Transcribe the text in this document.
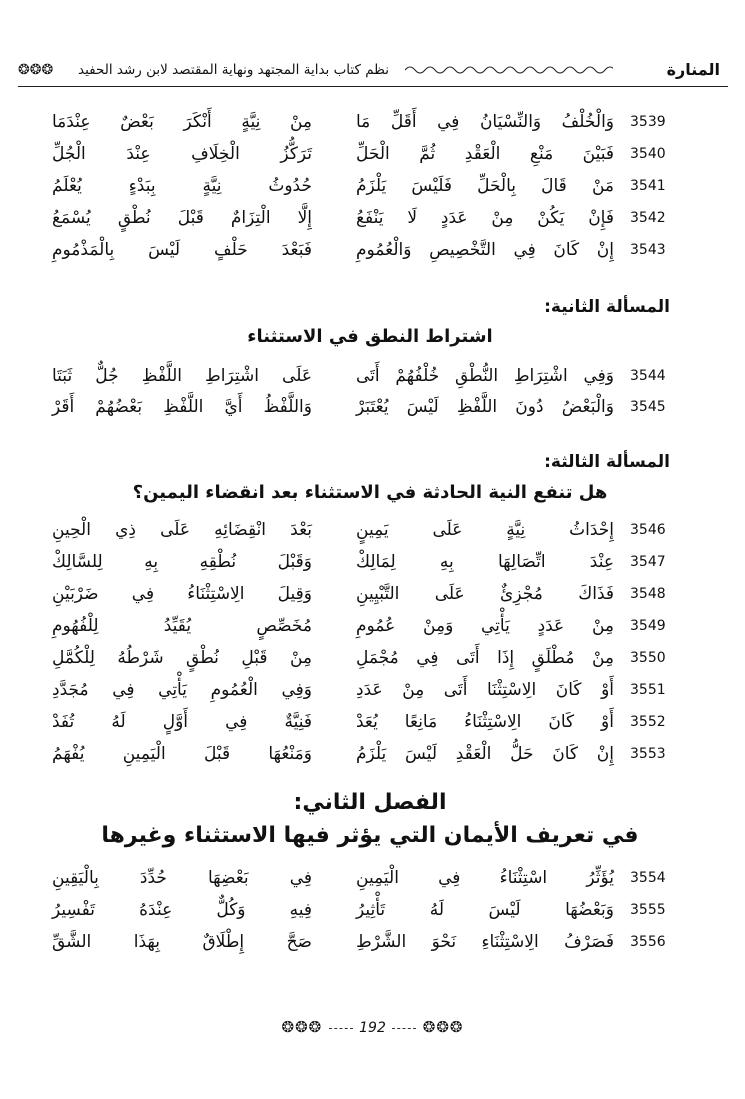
❂❂❂ نظم كتاب بداية المجتهد ونهاية المقتصد لابن رشد الحفيد	المنارة
3539
وَالْخُلْفُ وَالنِّسْيَانُ فِي أَقَلِّ مَا
مِنْ نِيَّةٍ أَنْكَرَ بَعْضٌ عِنْدَمَا
3540
فَبَيْنَ مَنْعِ الْعَقْدِ ثُمَّ الْحَلِّ
تَرَكُّزُ الْخِلَافِ عِنْدَ الْجُلِّ
3541
مَنْ قَالَ بِالْحَلِّ فَلَيْسَ يَلْزَمُ
حُدُوثُ نِيَّةٍ بِبَدْءٍ يُعْلَمُ
3542
فَإِنْ يَكُنْ مِنْ عَدَدٍ لَا يَنْفَعُ
إِلَّا الْتِزَامٌ قَبْلَ نُطْقٍ يُسْمَعُ
3543
إِنْ كَانَ فِي التَّخْصِيصِ وَالْعُمُومِ
فَبَعْدَ حَلْفٍ لَيْسَ بِالْمَذْمُومِ
المسألة الثانية:
اشتراط النطق في الاستثناء
3544
وَفِي اشْتِرَاطِ النُّطْقِ خُلْفُهُمْ أَتَى
عَلَى اشْتِرَاطِ اللَّفْظِ جُلٌّ ثَبَتَا
3545
وَالْبَعْضُ دُونَ اللَّفْظِ لَيْسَ يُعْتَبَرْ
وَاللَّفْظُ أَيَّ اللَّفْظِ بَعْضُهُمْ أَقَرْ
المسألة الثالثة:
هل تنفع النية الحادثة في الاستثناء بعد انقضاء اليمين؟
3546
إِحْدَاثُ نِيَّةٍ عَلَى يَمِينٍ
بَعْدَ انْقِضَائِهِ عَلَى ذِي الْحِينِ
3547
عِنْدَ اتِّصَالِهَا بِهِ لِمَالِكْ
وَقَبْلَ نُطْقِهِ بِهِ لِلسَّالِكْ
3548
فَذَاكَ مُجْزِئٌ عَلَى التَّبْيِينِ
وَقِيلَ الِاسْتِثْنَاءُ فِي ضَرْبَيْنِ
3549
مِنْ عَدَدٍ يَأْتِي وَمِنْ عُمُومِ
مُخَصِّصٍ يُقَيِّدُ لِلْفُهُومِ
3550
مِنْ مُطْلَقٍ إِذَا أَتَى فِي مُجْمَلِ
مِنْ قَبْلِ نُطْقٍ شَرْطُهُ لِلْكُمَّلِ
3551
أَوْ كَانَ الِاسْتِثْنَا أَتَى مِنْ عَدَدِ
وَفِي الْعُمُومِ يَأْتِي فِي مُجَدَّدِ
3552
أَوْ كَانَ الِاسْتِثْنَاءُ مَانِعًا يُعَدْ
فَنِيَّةٌ فِي أَوَّلٍ لَهُ تُفَدْ
3553
إِنْ كَانَ حَلُّ الْعَقْدِ لَيْسَ يَلْزَمُ
وَمَنْعُهَا قَبْلَ الْيَمِينِ يُفْهَمُ
الفصل الثاني:
في تعريف الأيمان التي يؤثر فيها الاستثناء وغيرها
3554
يُؤَثِّرُ اسْتِثْنَاءُ فِي الْيَمِينِ
فِي بَعْضِهَا حُدِّدَ بِالْيَقِينِ
3555
وَبَعْضُهَا لَيْسَ لَهُ تَأْثِيرُ
فِيهِ وَكُلٌّ عِنْدَهُ تَفْسِيرُ
3556
فَصَرْفُ الِاسْتِثْنَاءِ نَحْوَ الشَّرْطِ
صَحَّ إِطْلَاقٌ بِهَذَا الشَّقِّ
❂❂❂	192 ❂❂❂
